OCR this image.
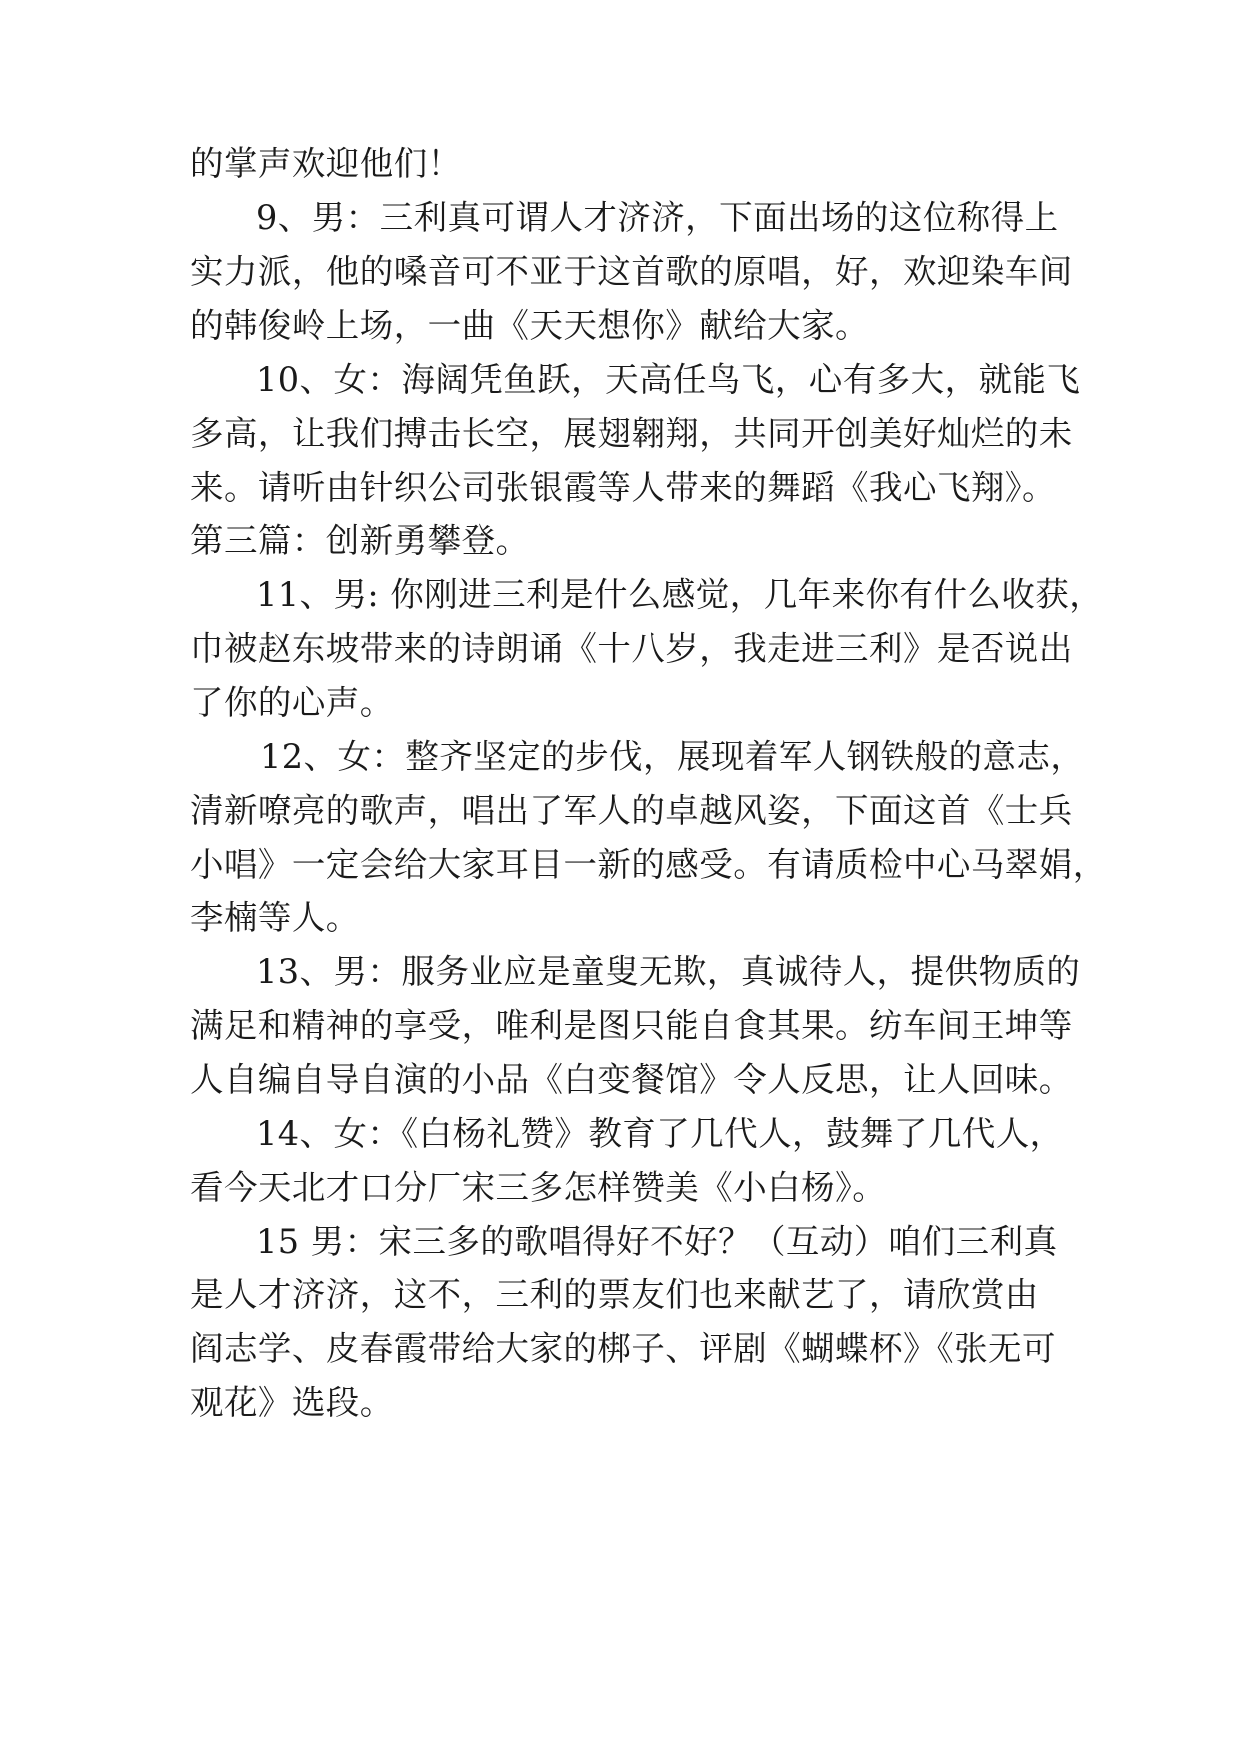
的掌声欢迎他们！
9、男：三利真可谓人才济济，下面出场的这位称得上
实力派，他的嗓音可不亚于这首歌的原唱，好，欢迎染车间
的韩俊岭上场，一曲《天天想你》献给大家。
10、女：海阔凭鱼跃，天高任鸟飞，心有多大，就能飞
多高，让我们搏击长空，展翅翱翔，共同开创美好灿烂的未
来。请听由针织公司张银霞等人带来的舞蹈《我心飞翔》。
第三篇：创新勇攀登。
11、男: 你刚进三利是什么感觉，几年来你有什么收获，
巾被赵东坡带来的诗朗诵《十八岁，我走进三利》是否说出
了你的心声。
12、女：整齐坚定的步伐，展现着军人钢铁般的意志，
清新嘹亮的歌声，唱出了军人的卓越风姿，下面这首《士兵
小唱》一定会给大家耳目一新的感受。有请质检中心马翠娟，
李楠等人。
13、男：服务业应是童叟无欺，真诚待人，提供物质的
满足和精神的享受，唯利是图只能自食其果。纺车间王坤等
人自编自导自演的小品《白变餐馆》令人反思，让人回味。
14、女：《白杨礼赞》教育了几代人，鼓舞了几代人，
看今天北才口分厂宋三多怎样赞美《小白杨》。
15 男：宋三多的歌唱得好不好？（互动）咱们三利真
是人才济济，这不，三利的票友们也来献艺了，请欣赏由
阎志学、皮春霞带给大家的梆子、评剧《蝴蝶杯》《张无可
观花》选段。
